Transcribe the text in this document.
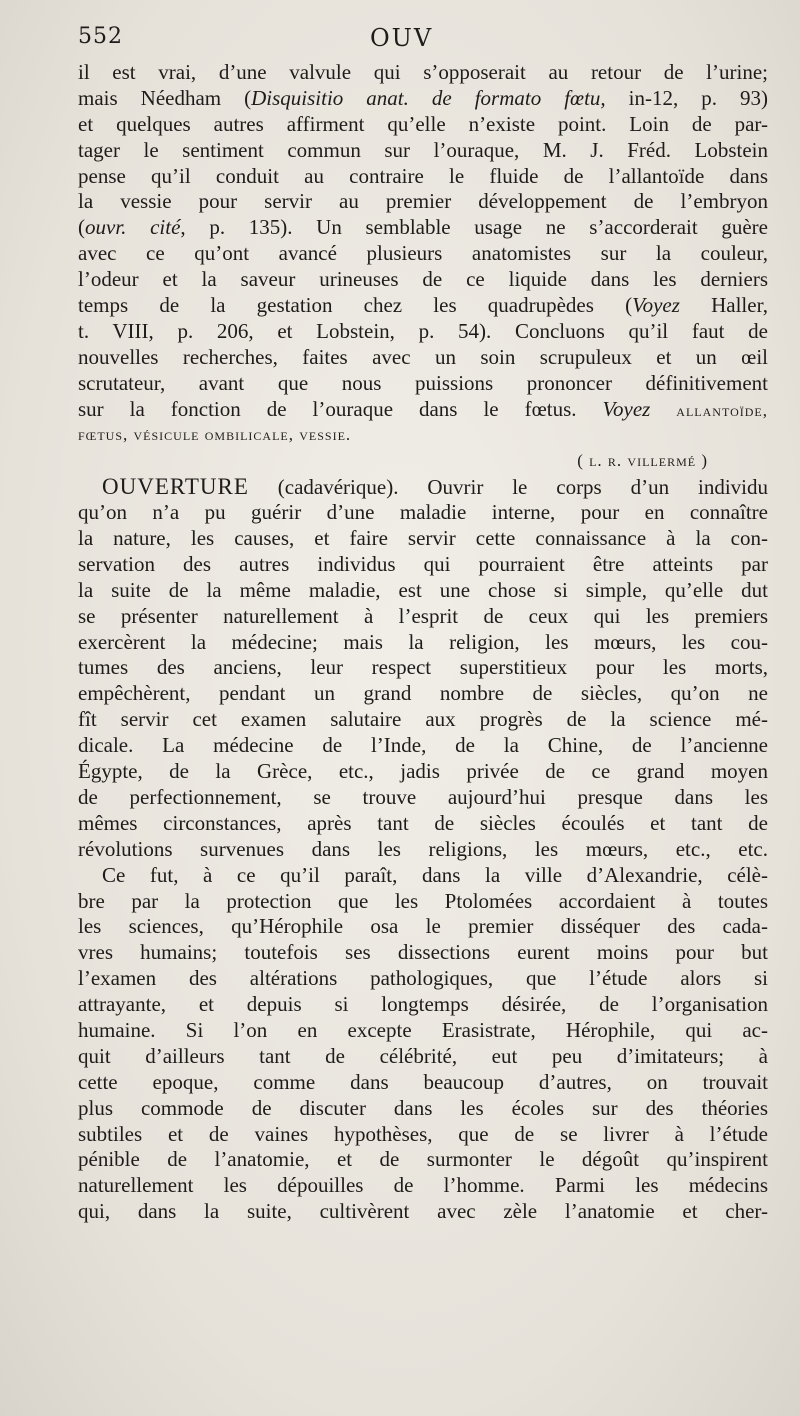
552	OUV
il est vrai, d’une valvule qui s’opposerait au retour de l’urine;
mais Néedham (Disquisitio anat. de formato fœtu, in-12, p. 93)
et quelques autres affirment qu’elle n’existe point. Loin de par-
tager le sentiment commun sur l’ouraque, M. J. Fréd. Lobstein
pense qu’il conduit au contraire le fluide de l’allantoïde dans
la vessie pour servir au premier développement de l’embryon
(ouvr. cité, p. 135). Un semblable usage ne s’accorderait guère
avec ce qu’ont avancé plusieurs anatomistes sur la couleur,
l’odeur et la saveur urineuses de ce liquide dans les derniers
temps de la gestation chez les quadrupèdes (Voyez Haller,
t. VIII, p. 206, et Lobstein, p. 54). Concluons qu’il faut de
nouvelles recherches, faites avec un soin scrupuleux et un œil
scrutateur, avant que nous puissions prononcer définitivement
sur la fonction de l’ouraque dans le fœtus. Voyez allantoïde,
fœtus, vésicule ombilicale, vessie.
( l. r. villermé )
OUVERTURE (cadavérique). Ouvrir le corps d’un individu
qu’on n’a pu guérir d’une maladie interne, pour en connaître
la nature, les causes, et faire servir cette connaissance à la con-
servation des autres individus qui pourraient être atteints par
la suite de la même maladie, est une chose si simple, qu’elle dut
se présenter naturellement à l’esprit de ceux qui les premiers
exercèrent la médecine; mais la religion, les mœurs, les cou-
tumes des anciens, leur respect superstitieux pour les morts,
empêchèrent, pendant un grand nombre de siècles, qu’on ne
fît servir cet examen salutaire aux progrès de la science mé-
dicale. La médecine de l’Inde, de la Chine, de l’ancienne
Égypte, de la Grèce, etc., jadis privée de ce grand moyen
de perfectionnement, se trouve aujourd’hui presque dans les
mêmes circonstances, après tant de siècles écoulés et tant de
révolutions survenues dans les religions, les mœurs, etc., etc.
Ce fut, à ce qu’il paraît, dans la ville d’Alexandrie, célè-
bre par la protection que les Ptolomées accordaient à toutes
les sciences, qu’Hérophile osa le premier disséquer des cada-
vres humains; toutefois ses dissections eurent moins pour but
l’examen des altérations pathologiques, que l’étude alors si
attrayante, et depuis si longtemps désirée, de l’organisation
humaine. Si l’on en excepte Erasistrate, Hérophile, qui ac-
quit d’ailleurs tant de célébrité, eut peu d’imitateurs; à
cette epoque, comme dans beaucoup d’autres, on trouvait
plus commode de discuter dans les écoles sur des théories
subtiles et de vaines hypothèses, que de se livrer à l’étude
pénible de l’anatomie, et de surmonter le dégoût qu’inspirent
naturellement les dépouilles de l’homme. Parmi les médecins
qui, dans la suite, cultivèrent avec zèle l’anatomie et cher-
